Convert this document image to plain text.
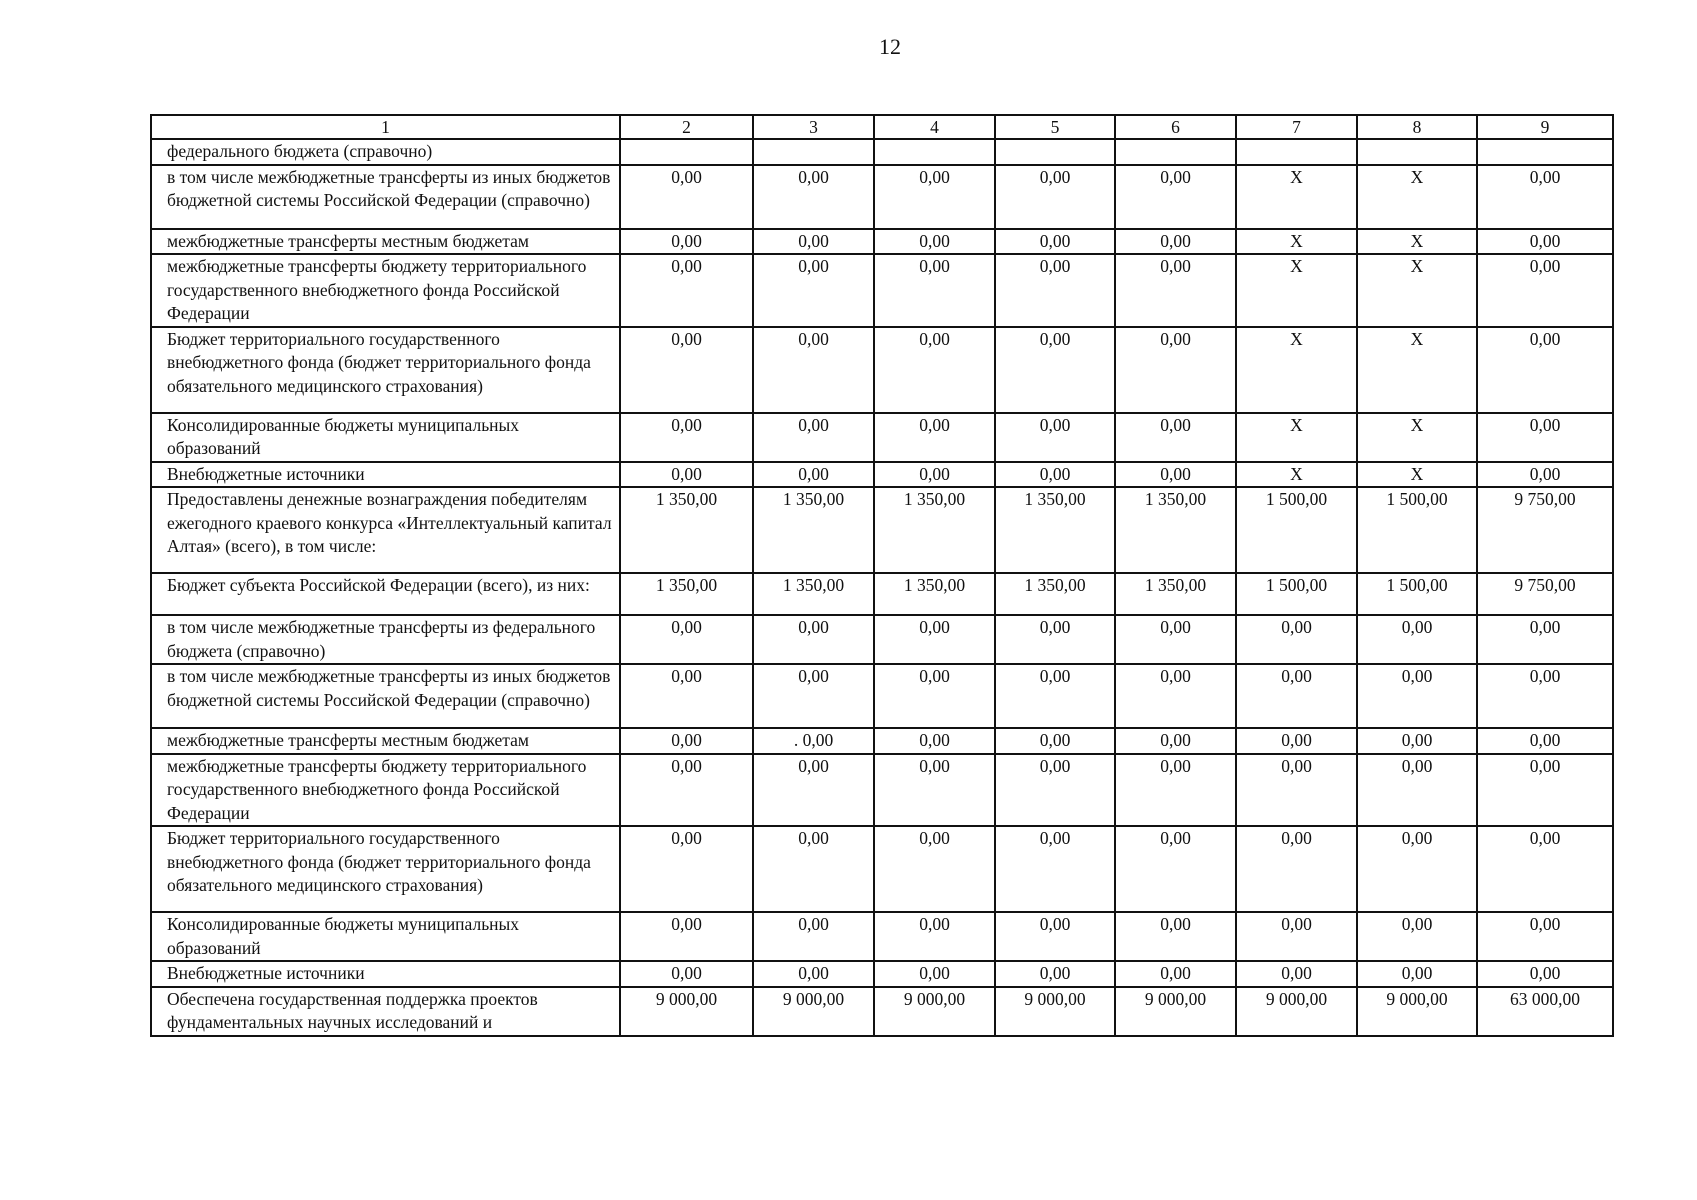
12
1	2	3	4	5	6	7	8	9
федерального бюджета (справочно)								
в том числе межбюджетные трансферты из иных бюджетов бюджетной системы Российской Федерации (справочно)	0,00	0,00	0,00	0,00	0,00	X	X	0,00
межбюджетные трансферты местным бюджетам	0,00	0,00	0,00	0,00	0,00	X	X	0,00
межбюджетные трансферты бюджету территориального государственного внебюджетного фонда Российской Федерации	0,00	0,00	0,00	0,00	0,00	X	X	0,00
Бюджет территориального государственного внебюджетного фонда (бюджет территориального фонда обязательного медицинского страхования)	0,00	0,00	0,00	0,00	0,00	X	X	0,00
Консолидированные бюджеты муниципальных образований	0,00	0,00	0,00	0,00	0,00	X	X	0,00
Внебюджетные источники	0,00	0,00	0,00	0,00	0,00	X	X	0,00
Предоставлены денежные вознаграждения победителям ежегодного краевого конкурса «Интеллектуальный капитал Алтая» (всего), в том числе:	1 350,00	1 350,00	1 350,00	1 350,00	1 350,00	1 500,00	1 500,00	9 750,00
Бюджет субъекта Российской Федерации (всего), из них:	1 350,00	1 350,00	1 350,00	1 350,00	1 350,00	1 500,00	1 500,00	9 750,00
в том числе межбюджетные трансферты из федерального бюджета (справочно)	0,00	0,00	0,00	0,00	0,00	0,00	0,00	0,00
в том числе межбюджетные трансферты из иных бюджетов бюджетной системы Российской Федерации (справочно)	0,00	0,00	0,00	0,00	0,00	0,00	0,00	0,00
межбюджетные трансферты местным бюджетам	0,00	. 0,00	0,00	0,00	0,00	0,00	0,00	0,00
межбюджетные трансферты бюджету территориального государственного внебюджетного фонда Российской Федерации	0,00	0,00	0,00	0,00	0,00	0,00	0,00	0,00
Бюджет территориального государственного внебюджетного фонда (бюджет территориального фонда обязательного медицинского страхования)	0,00	0,00	0,00	0,00	0,00	0,00	0,00	0,00
Консолидированные бюджеты муниципальных образований	0,00	0,00	0,00	0,00	0,00	0,00	0,00	0,00
Внебюджетные источники	0,00	0,00	0,00	0,00	0,00	0,00	0,00	0,00
Обеспечена государственная поддержка проектов фундаментальных научных исследований и	9 000,00	9 000,00	9 000,00	9 000,00	9 000,00	9 000,00	9 000,00	63 000,00
